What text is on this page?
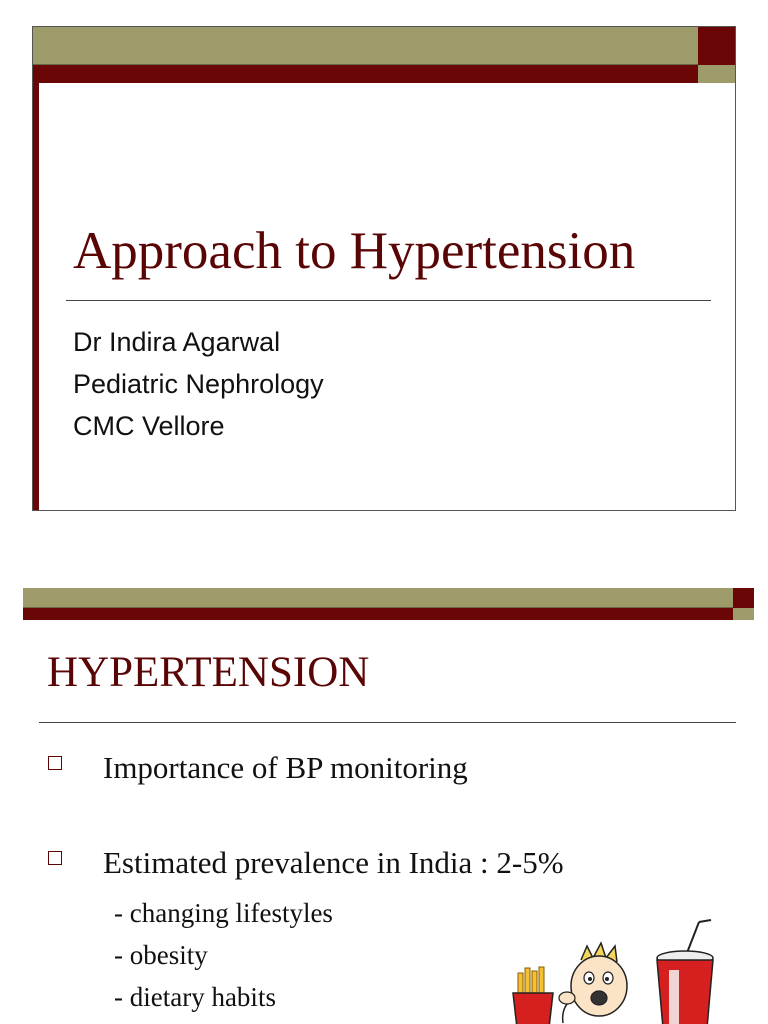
Approach to Hypertension
Dr Indira Agarwal
Pediatric Nephrology
CMC Vellore
HYPERTENSION
Importance of BP monitoring
Estimated prevalence in India : 2-5%
- changing lifestyles
- obesity
- dietary habits
